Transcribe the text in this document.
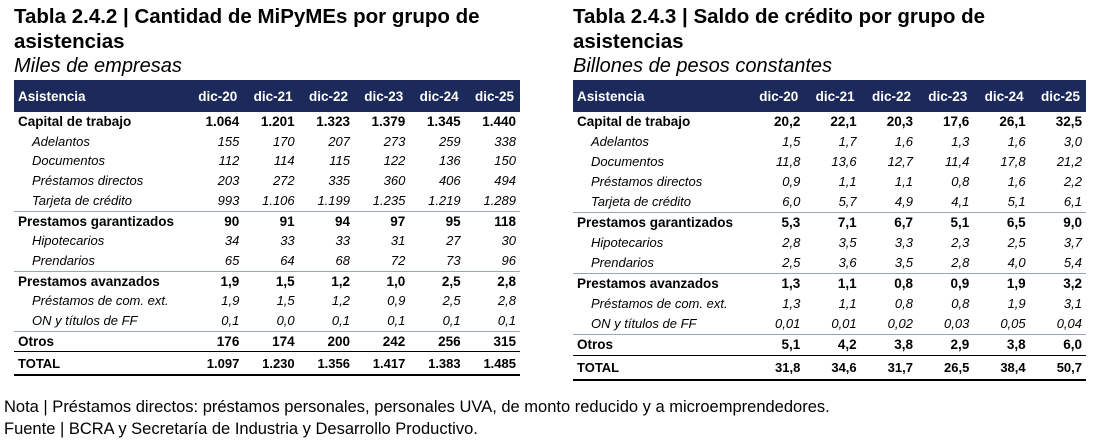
Tabla 2.4.2 | Cantidad de MiPyMEs por grupo de asistencias

Miles de empresas

Asistencia	dic-20	dic-21	dic-22	dic-23	dic-24	dic-25
Capital de trabajo	1.064	1.201	1.323	1.379	1.345	1.440
Adelantos	155	170	207	273	259	338
Documentos	112	114	115	122	136	150
Préstamos directos	203	272	335	360	406	494
Tarjeta de crédito	993	1.106	1.199	1.235	1.219	1.289
Prestamos garantizados	90	91	94	97	95	118
Hipotecarios	34	33	33	31	27	30
Prendarios	65	64	68	72	73	96
Prestamos avanzados	1,9	1,5	1,2	1,0	2,5	2,8
Préstamos de com. ext.	1,9	1,5	1,2	0,9	2,5	2,8
ON y títulos de FF	0,1	0,0	0,1	0,1	0,1	0,1
Otros	176	174	200	242	256	315
TOTAL	1.097	1.230	1.356	1.417	1.383	1.485

Tabla 2.4.3 | Saldo de crédito por grupo de asistencias

Billones de pesos constantes

Asistencia	dic-20	dic-21	dic-22	dic-23	dic-24	dic-25
Capital de trabajo	20,2	22,1	20,3	17,6	26,1	32,5
Adelantos	1,5	1,7	1,6	1,3	1,6	3,0
Documentos	11,8	13,6	12,7	11,4	17,8	21,2
Préstamos directos	0,9	1,1	1,1	0,8	1,6	2,2
Tarjeta de crédito	6,0	5,7	4,9	4,1	5,1	6,1
Prestamos garantizados	5,3	7,1	6,7	5,1	6,5	9,0
Hipotecarios	2,8	3,5	3,3	2,3	2,5	3,7
Prendarios	2,5	3,6	3,5	2,8	4,0	5,4
Prestamos avanzados	1,3	1,1	0,8	0,9	1,9	3,2
Préstamos de com. ext.	1,3	1,1	0,8	0,8	1,9	3,1
ON y títulos de FF	0,01	0,01	0,02	0,03	0,05	0,04
Otros	5,1	4,2	3,8	2,9	3,8	6,0
TOTAL	31,8	34,6	31,7	26,5	38,4	50,7
Nota | Préstamos directos: préstamos personales, personales UVA, de monto reducido y a microemprendedores.
Fuente | BCRA y Secretaría de Industria y Desarrollo Productivo.
